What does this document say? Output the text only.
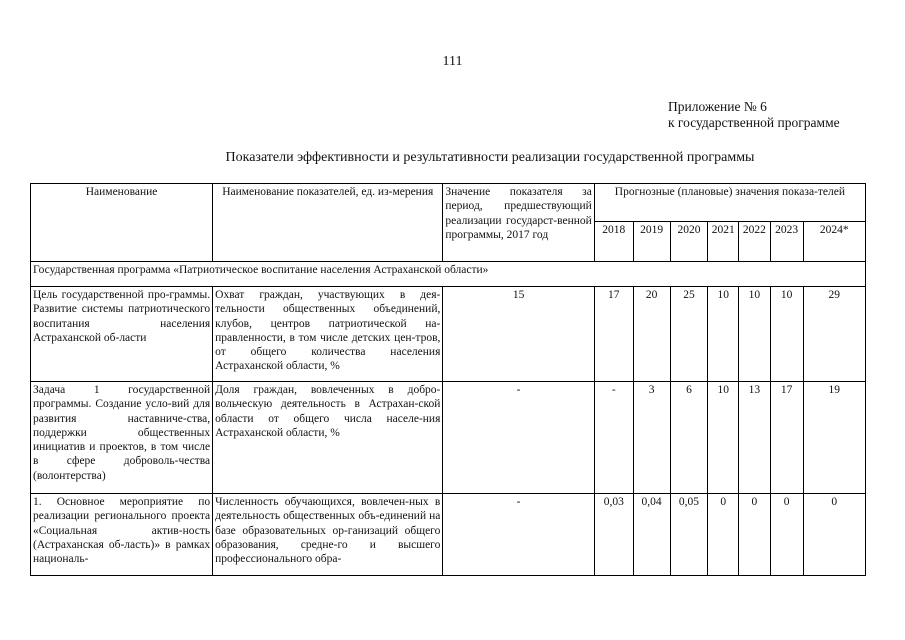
111
Приложение № 6
к государственной программе
Показатели эффективности и результативности реализации государственной программы
Наименование	Наименование показателей, ед. из-мерения	Значение показателя за период, предшествующий реализации государст-венной программы, 2017 год	Прогнозные (плановые) значения показа-телей						
			2018	2019	2020	2021	2022	2023	2024*
Государственная программа «Патриотическое воспитание населения Астраханской области»									
Цель государственной про-граммы. Развитие системы патриотического воспитания населения Астраханской об-ласти	Охват граждан, участвующих в дея-тельности общественных объединений, клубов, центров патриотической на-правленности, в том числе детских цен-тров, от общего количества населения Астраханской области, %	15	17	20	25	10	10	10	29
Задача 1 государственной программы. Создание усло-вий для развития наставниче-ства, поддержки общественных инициатив и проектов, в том числе в сфере доброволь-чества (волонтерства)	Доля граждан, вовлеченных в добро-вольческую деятельность в Астрахан-ской области от общего числа населе-ния Астраханской области, %	-	-	3	6	10	13	17	19
1. Основное мероприятие по реализации регионального проекта «Социальная актив-ность (Астраханская об-ласть)» в рамках националь-	Численность обучающихся, вовлечен-ных в деятельность общественных объ-единений на базе образовательных ор-ганизаций общего образования, средне-го и высшего профессионального обра-	-	0,03	0,04	0,05	0	0	0	0
